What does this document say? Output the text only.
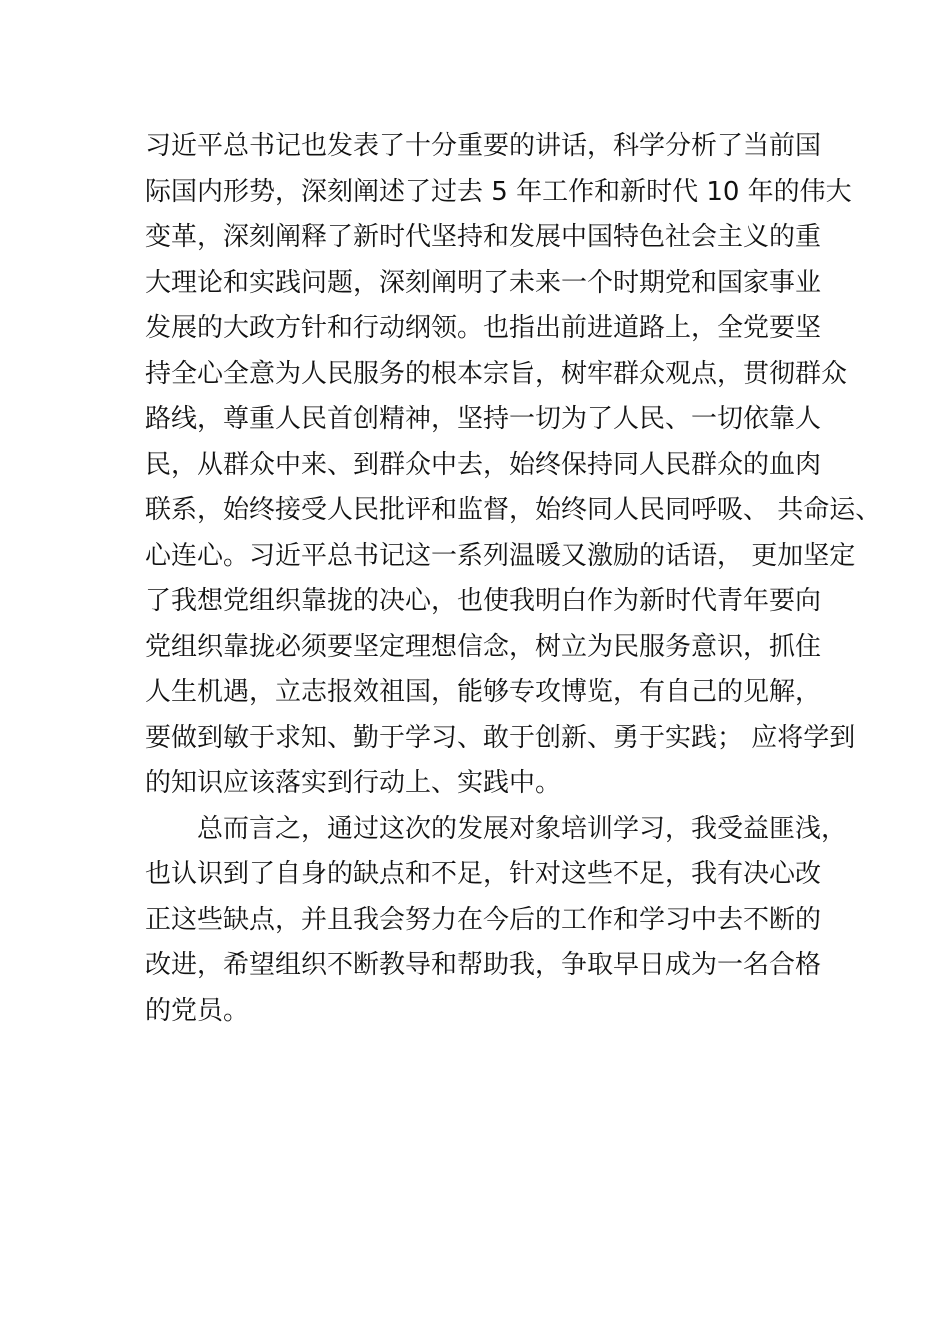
习近平总书记也发表了十分重要的讲话，科学分析了当前国
际国内形势，深刻阐述了过去 5 年工作和新时代 10 年的伟大
变革，深刻阐释了新时代坚持和发展中国特色社会主义的重
大理论和实践问题，深刻阐明了未来一个时期党和国家事业
发展的大政方针和行动纲领。也指出前进道路上，全党要坚
持全心全意为人民服务的根本宗旨，树牢群众观点，贯彻群众
路线，尊重人民首创精神，坚持一切为了人民、一切依靠人
民，从群众中来、到群众中去，始终保持同人民群众的血肉
联系，始终接受人民批评和监督，始终同人民同呼吸、 共命运、
心连心。习近平总书记这一系列温暖又激励的话语， 更加坚定
了我想党组织靠拢的决心，也使我明白作为新时代青年要向
党组织靠拢必须要坚定理想信念，树立为民服务意识，抓住
人生机遇，立志报效祖国，能够专攻博览，有自己的见解，
要做到敏于求知、勤于学习、敢于创新、勇于实践； 应将学到
的知识应该落实到行动上、实践中。
总而言之，通过这次的发展对象培训学习，我受益匪浅，
也认识到了自身的缺点和不足，针对这些不足，我有决心改
正这些缺点，并且我会努力在今后的工作和学习中去不断的
改进，希望组织不断教导和帮助我，争取早日成为一名合格
的党员。
